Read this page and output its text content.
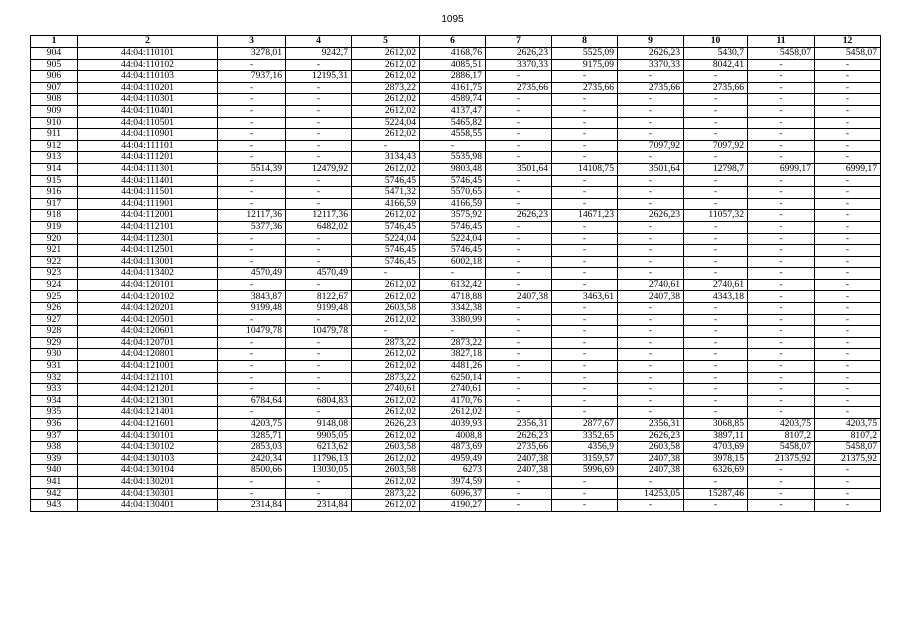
1095
1	2	3	4	5	6	7	8	9	10	11	12
904	44:04:110101	3278,01	9242,7	2612,02	4168,76	2626,23	5525,09	2626,23	5430,7	5458,07	5458,07
905	44:04:110102	-	-	2612,02	4085,51	3370,33	9175,09	3370,33	8042,41	-	-
906	44:04:110103	7937,16	12195,31	2612,02	2886,17	-	-	-	-	-	-
907	44:04:110201	-	-	2873,22	4161,75	2735,66	2735,66	2735,66	2735,66	-	-
908	44:04:110301	-	-	2612,02	4589,74	-	-	-	-	-	-
909	44:04:110401	-	-	2612,02	4137,47	-	-	-	-	-	-
910	44:04:110501	-	-	5224,04	5465,82	-	-	-	-	-	-
911	44:04:110901	-	-	2612,02	4558,55	-	-	-	-	-	-
912	44:04:111101	-	-	-	-	-	-	7097,92	7097,92	-	-
913	44:04:111201	-	-	3134,43	5535,98	-	-	-	-	-	-
914	44:04:111301	5514,39	12479,92	2612,02	9803,48	3501,64	14108,75	3501,64	12798,7	6999,17	6999,17
915	44:04:111401	-	-	5746,45	5746,45	-	-	-	-	-	-
916	44:04:111501	-	-	5471,32	5570,65	-	-	-	-	-	-
917	44:04:111901	-	-	4166,59	4166,59	-	-	-	-	-	-
918	44:04:112001	12117,36	12117,36	2612,02	3575,92	2626,23	14671,23	2626,23	11057,32	-	-
919	44:04:112101	5377,36	6482,02	5746,45	5746,45	-	-	-	-	-	-
920	44:04:112301	-	-	5224,04	5224,04	-	-	-	-	-	-
921	44:04:112501	-	-	5746,45	5746,45	-	-	-	-	-	-
922	44:04:113001	-	-	5746,45	6002,18	-	-	-	-	-	-
923	44:04:113402	4570,49	4570,49	-	-	-	-	-	-	-	-
924	44:04:120101	-	-	2612,02	6132,42	-	-	2740,61	2740,61	-	-
925	44:04:120102	3843,87	8122,67	2612,02	4718,88	2407,38	3463,61	2407,38	4343,18	-	-
926	44:04:120201	9199,48	9199,48	2603,58	3342,38	-	-	-	-	-	-
927	44:04:120501	-	-	2612,02	3380,99	-	-	-	-	-	-
928	44:04:120601	10479,78	10479,78	-	-	-	-	-	-	-	-
929	44:04:120701	-	-	2873,22	2873,22	-	-	-	-	-	-
930	44:04:120801	-	-	2612,02	3827,18	-	-	-	-	-	-
931	44:04:121001	-	-	2612,02	4481,26	-	-	-	-	-	-
932	44:04:121101	-	-	2873,22	6250,14	-	-	-	-	-	-
933	44:04:121201	-	-	2740,61	2740,61	-	-	-	-	-	-
934	44:04:121301	6784,64	6804,83	2612,02	4170,76	-	-	-	-	-	-
935	44:04:121401	-	-	2612,02	2612,02	-	-	-	-	-	-
936	44:04:121601	4203,75	9148,08	2626,23	4039,93	2356,31	2877,67	2356,31	3068,85	4203,75	4203,75
937	44:04:130101	3285,71	9905,05	2612,02	4008,8	2626,23	3352,65	2626,23	3897,11	8107,2	8107,2
938	44:04:130102	2853,03	6213,62	2603,58	4873,69	2735,66	4356,9	2603,58	4703,69	5458,07	5458,07
939	44:04:130103	2420,34	11796,13	2612,02	4959,49	2407,38	3159,57	2407,38	3978,15	21375,92	21375,92
940	44:04:130104	8500,66	13030,05	2603,58	6273	2407,38	5996,69	2407,38	6326,69	-	-
941	44:04:130201	-	-	2612,02	3974,59	-	-	-	-	-	-
942	44:04:130301	-	-	2873,22	6096,37	-	-	14253,05	15287,46	-	-
943	44:04:130401	2314,84	2314,84	2612,02	4190,27	-	-	-	-	-	-
